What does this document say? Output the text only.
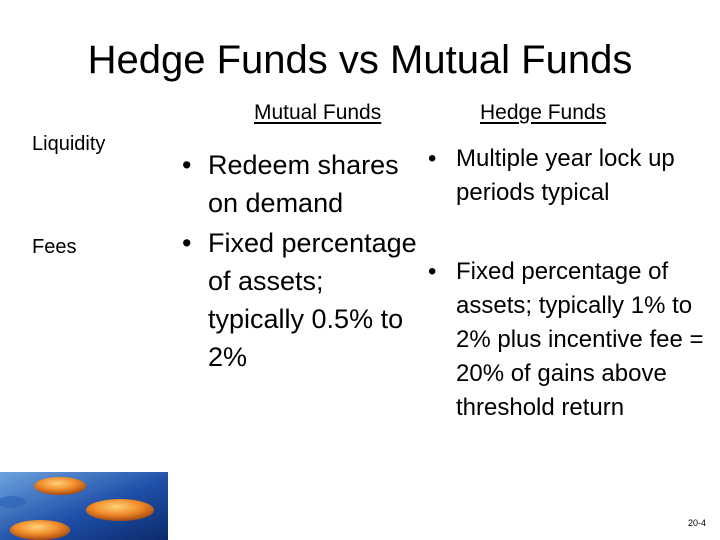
Hedge Funds vs Mutual Funds
Mutual Funds	Hedge Funds
Liquidity
Fees
• Redeem shares on demand
• Fixed percentage of assets; typically 0.5% to 2%
• Multiple year lock up periods typical
• Fixed percentage of assets; typically 1% to 2% plus incentive fee = 20% of gains above threshold return
20-4
